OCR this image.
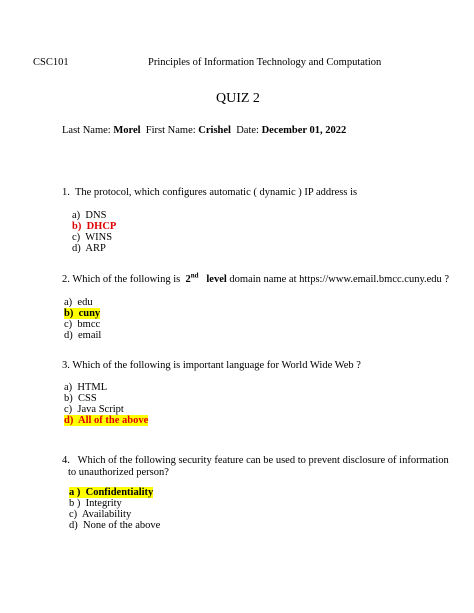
CSC101	Principles of Information Technology and Computation
QUIZ 2
Last Name: Morel First Name: Crishel Date: December 01, 2022
1. The protocol, which configures automatic ( dynamic ) IP address is
a) DNS
b) DHCP
c) WINS
d) ARP
2. Which of the following is 2nd level domain name at https://www.email.bmcc.cuny.edu ?
a) edu
b) cuny
c) bmcc
d) email
3. Which of the following is important language for World Wide Web ?
a) HTML
b) CSS
c) Java Script
d) All of the above
4. Which of the following security feature can be used to prevent disclosure of information
to unauthorized person?
a ) Confidentiality
b ) Integrity
c) Availability
d) None of the above
